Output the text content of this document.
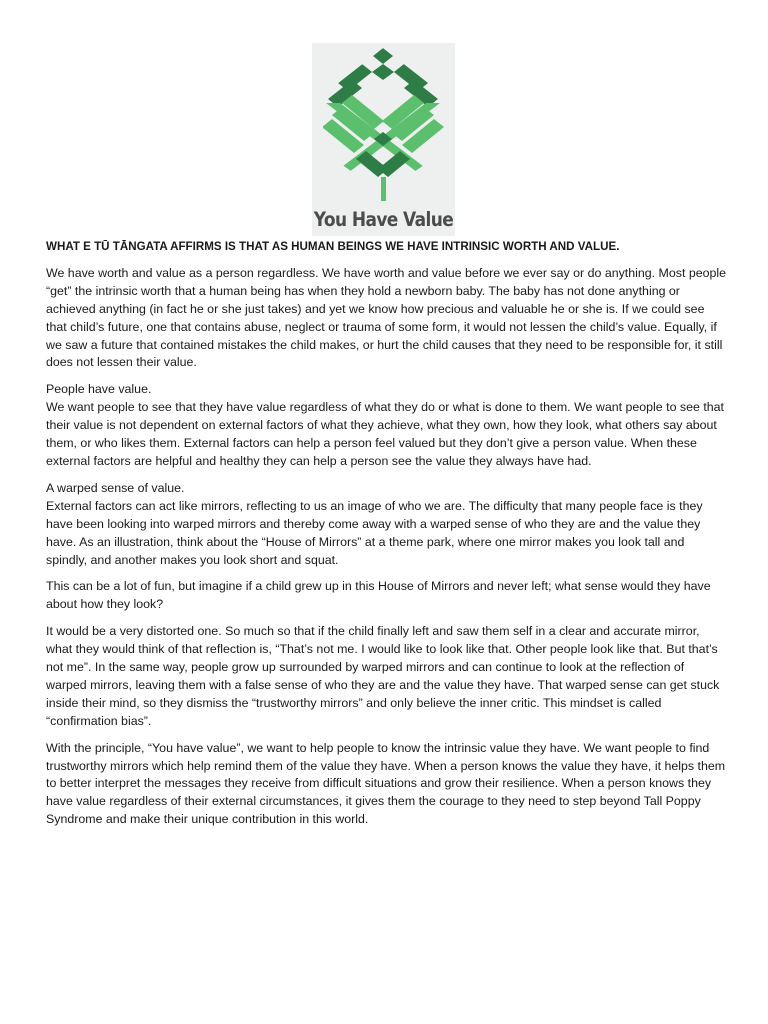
You Have Value

WHAT E TŪ TĀNGATA AFFIRMS IS THAT AS HUMAN BEINGS WE HAVE INTRINSIC WORTH AND VALUE.

We have worth and value as a person regardless. We have worth and value before we ever say or do anything. Most people “get” the intrinsic worth that a human being has when they hold a newborn baby. The baby has not done anything or achieved anything (in fact he or she just takes) and yet we know how precious and valuable he or she is. If we could see that child’s future, one that contains abuse, neglect or trauma of some form, it would not lessen the child’s value. Equally, if we saw a future that contained mistakes the child makes, or hurt the child causes that they need to be responsible for, it still does not lessen their value.

People have value.
We want people to see that they have value regardless of what they do or what is done to them. We want people to see that their value is not dependent on external factors of what they achieve, what they own, how they look, what others say about them, or who likes them. External factors can help a person feel valued but they don’t give a person value. When these external factors are helpful and healthy they can help a person see the value they always have had.

A warped sense of value.
External factors can act like mirrors, reflecting to us an image of who we are. The difficulty that many people face is they have been looking into warped mirrors and thereby come away with a warped sense of who they are and the value they have. As an illustration, think about the “House of Mirrors” at a theme park, where one mirror makes you look tall and spindly, and another makes you look short and squat.

This can be a lot of fun, but imagine if a child grew up in this House of Mirrors and never left; what sense would they have about how they look?

It would be a very distorted one. So much so that if the child finally left and saw them self in a clear and accurate mirror, what they would think of that reflection is, “That’s not me. I would like to look like that. Other people look like that. But that’s not me”. In the same way, people grow up surrounded by warped mirrors and can continue to look at the reflection of warped mirrors, leaving them with a false sense of who they are and the value they have. That warped sense can get stuck inside their mind, so they dismiss the “trustworthy mirrors” and only believe the inner critic. This mindset is called “confirmation bias”.

With the principle, “You have value”, we want to help people to know the intrinsic value they have. We want people to find trustworthy mirrors which help remind them of the value they have. When a person knows the value they have, it helps them to better interpret the messages they receive from difficult situations and grow their resilience. When a person knows they have value regardless of their external circumstances, it gives them the courage to they need to step beyond Tall Poppy Syndrome and make their unique contribution in this world.
